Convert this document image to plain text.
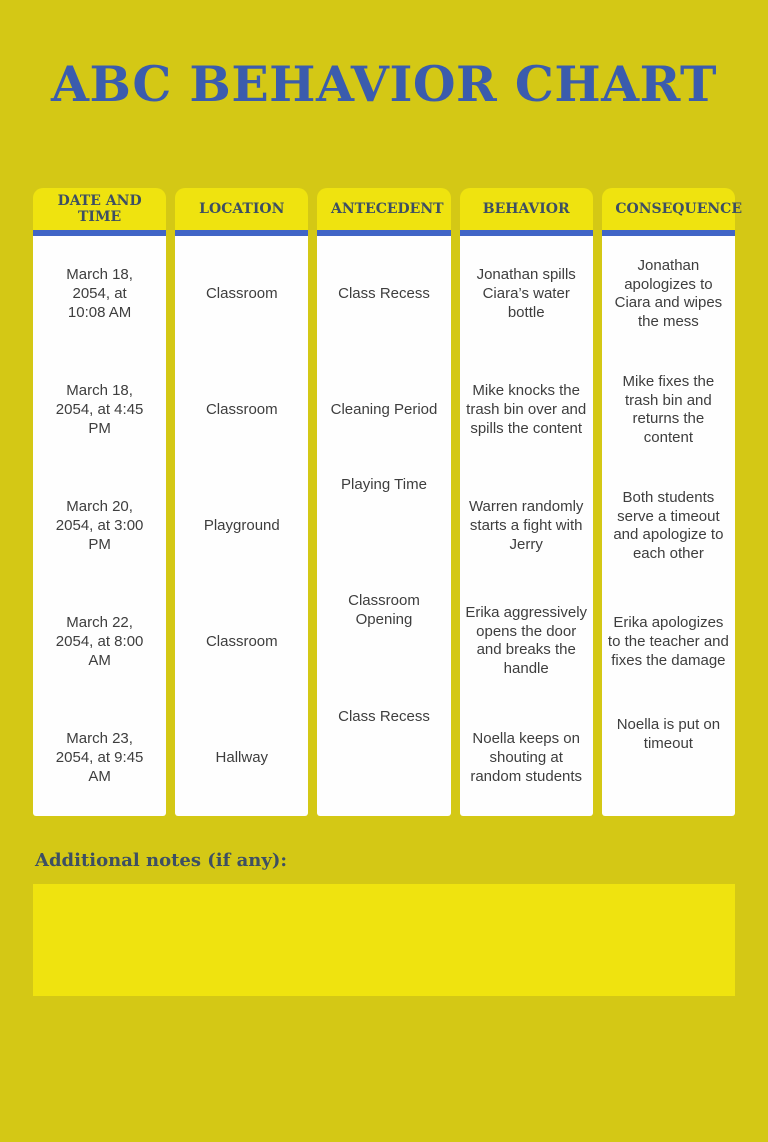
ABC BEHAVIOR CHART
DATE AND TIME
March 18, 2054, at 10:08 AM
March 18, 2054, at 4:45 PM
March 20, 2054, at 3:00 PM
March 22, 2054, at 8:00 AM
March 23, 2054, at 9:45 AM
LOCATION
Classroom
Classroom
Playground
Classroom
Hallway
ANTECEDENT
Class Recess
Cleaning Period
Playing Time
Classroom Opening
Class Recess
BEHAVIOR
Jonathan spills Ciara’s water bottle
Mike knocks the trash bin over and spills the content
Warren randomly starts a fight with Jerry
Erika aggressively opens the door and breaks the handle
Noella keeps on shouting at random students
CONSEQUENCE
Jonathan apologizes to Ciara and wipes the mess
Mike fixes the trash bin and returns the content
Both students serve a timeout and apologize to each other
Erika apologizes to the teacher and fixes the damage
Noella is put on timeout
Additional notes (if any):
